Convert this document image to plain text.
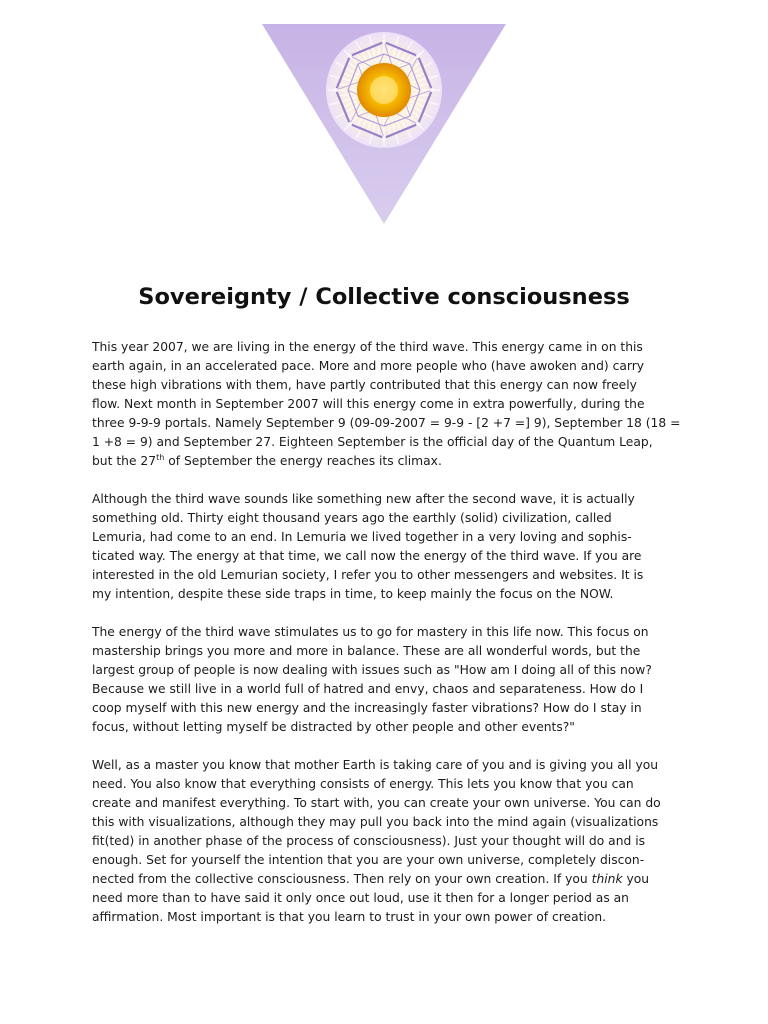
Sovereignty / Collective consciousness

This year 2007, we are living in the energy of the third wave. This energy came in on this
earth again, in an accelerated pace. More and more people who (have awoken and) carry
these high vibrations with them, have partly contributed that this energy can now freely
flow. Next month in September 2007 will this energy come in extra powerfully, during the
three 9-9-9 portals. Namely September 9 (09-09-2007 = 9-9 - [2 +7 =] 9), September 18 (18 =
1 +8 = 9) and September 27. Eighteen September is the official day of the Quantum Leap,
but the 27th of September the energy reaches its climax.

Although the third wave sounds like something new after the second wave, it is actually
something old. Thirty eight thousand years ago the earthly (solid) civilization, called
Lemuria, had come to an end. In Lemuria we lived together in a very loving and sophis-
ticated way. The energy at that time, we call now the energy of the third wave. If you are
interested in the old Lemurian society, I refer you to other messengers and websites. It is
my intention, despite these side traps in time, to keep mainly the focus on the NOW.

The energy of the third wave stimulates us to go for mastery in this life now. This focus on
mastership brings you more and more in balance. These are all wonderful words, but the
largest group of people is now dealing with issues such as "How am I doing all of this now?
Because we still live in a world full of hatred and envy, chaos and separateness. How do I
coop myself with this new energy and the increasingly faster vibrations? How do I stay in
focus, without letting myself be distracted by other people and other events?"

Well, as a master you know that mother Earth is taking care of you and is giving you all you
need. You also know that everything consists of energy. This lets you know that you can
create and manifest everything. To start with, you can create your own universe. You can do
this with visualizations, although they may pull you back into the mind again (visualizations
fit(ted) in another phase of the process of consciousness). Just your thought will do and is
enough. Set for yourself the intention that you are your own universe, completely discon-
nected from the collective consciousness. Then rely on your own creation. If you think you
need more than to have said it only once out loud, use it then for a longer period as an
affirmation. Most important is that you learn to trust in your own power of creation.
